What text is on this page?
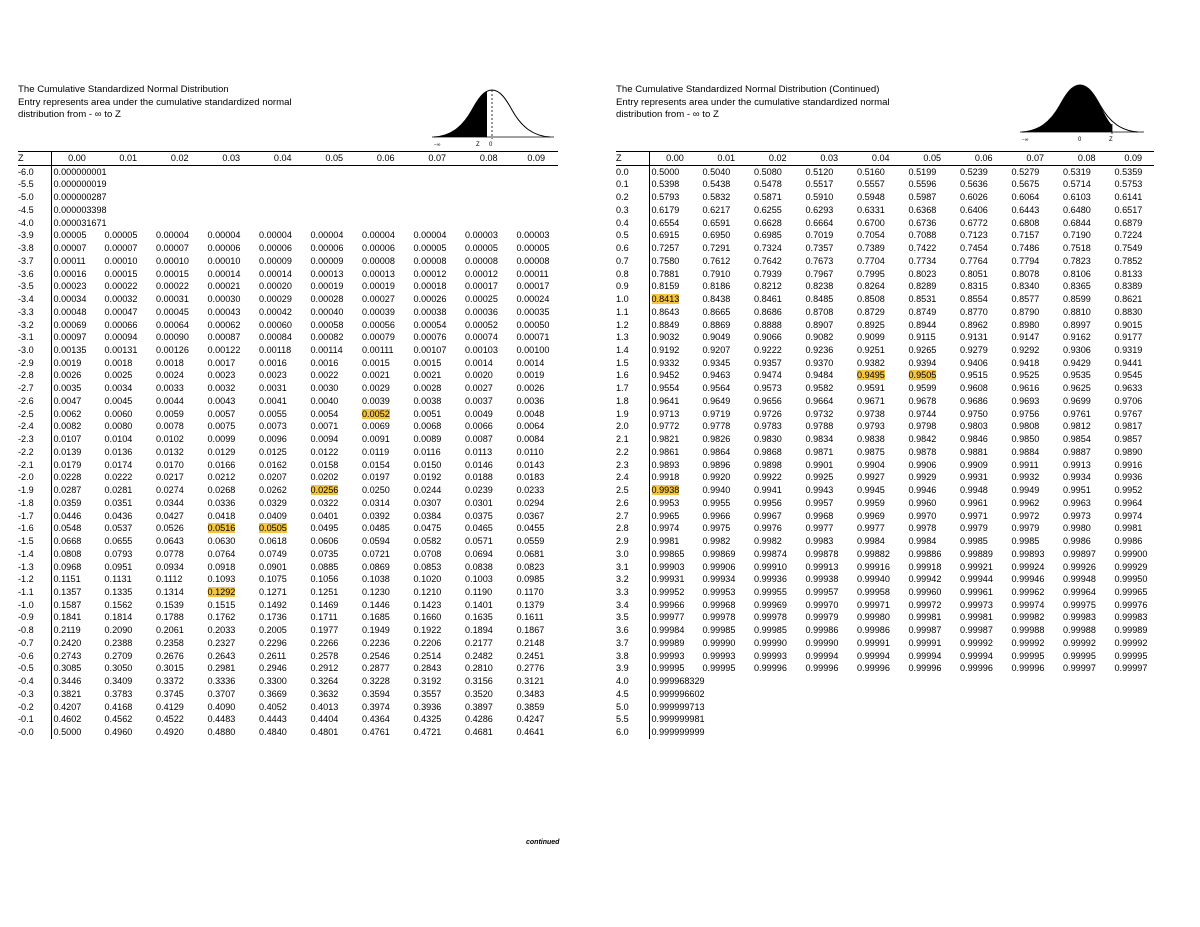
The Cumulative Standardized Normal Distribution
Entry represents area under the cumulative standardized normal
distribution from - ∞ to Z
−∞	Z 0
Z	0.00	0.01	0.02	0.03	0.04	0.05	0.06	0.07	0.08	0.09
-6.0	0.000000001									
-5.5	0.000000019									
-5.0	0.000000287									
-4.5	0.000003398									
-4.0	0.000031671									
-3.9	0.00005	0.00005	0.00004	0.00004	0.00004	0.00004	0.00004	0.00004	0.00003	0.00003
-3.8	0.00007	0.00007	0.00007	0.00006	0.00006	0.00006	0.00006	0.00005	0.00005	0.00005
-3.7	0.00011	0.00010	0.00010	0.00010	0.00009	0.00009	0.00008	0.00008	0.00008	0.00008
-3.6	0.00016	0.00015	0.00015	0.00014	0.00014	0.00013	0.00013	0.00012	0.00012	0.00011
-3.5	0.00023	0.00022	0.00022	0.00021	0.00020	0.00019	0.00019	0.00018	0.00017	0.00017
-3.4	0.00034	0.00032	0.00031	0.00030	0.00029	0.00028	0.00027	0.00026	0.00025	0.00024
-3.3	0.00048	0.00047	0.00045	0.00043	0.00042	0.00040	0.00039	0.00038	0.00036	0.00035
-3.2	0.00069	0.00066	0.00064	0.00062	0.00060	0.00058	0.00056	0.00054	0.00052	0.00050
-3.1	0.00097	0.00094	0.00090	0.00087	0.00084	0.00082	0.00079	0.00076	0.00074	0.00071
-3.0	0.00135	0.00131	0.00126	0.00122	0.00118	0.00114	0.00111	0.00107	0.00103	0.00100
-2.9	0.0019	0.0018	0.0018	0.0017	0.0016	0.0016	0.0015	0.0015	0.0014	0.0014
-2.8	0.0026	0.0025	0.0024	0.0023	0.0023	0.0022	0.0021	0.0021	0.0020	0.0019
-2.7	0.0035	0.0034	0.0033	0.0032	0.0031	0.0030	0.0029	0.0028	0.0027	0.0026
-2.6	0.0047	0.0045	0.0044	0.0043	0.0041	0.0040	0.0039	0.0038	0.0037	0.0036
-2.5	0.0062	0.0060	0.0059	0.0057	0.0055	0.0054	0.0052	0.0051	0.0049	0.0048
-2.4	0.0082	0.0080	0.0078	0.0075	0.0073	0.0071	0.0069	0.0068	0.0066	0.0064
-2.3	0.0107	0.0104	0.0102	0.0099	0.0096	0.0094	0.0091	0.0089	0.0087	0.0084
-2.2	0.0139	0.0136	0.0132	0.0129	0.0125	0.0122	0.0119	0.0116	0.0113	0.0110
-2.1	0.0179	0.0174	0.0170	0.0166	0.0162	0.0158	0.0154	0.0150	0.0146	0.0143
-2.0	0.0228	0.0222	0.0217	0.0212	0.0207	0.0202	0.0197	0.0192	0.0188	0.0183
-1.9	0.0287	0.0281	0.0274	0.0268	0.0262	0.0256	0.0250	0.0244	0.0239	0.0233
-1.8	0.0359	0.0351	0.0344	0.0336	0.0329	0.0322	0.0314	0.0307	0.0301	0.0294
-1.7	0.0446	0.0436	0.0427	0.0418	0.0409	0.0401	0.0392	0.0384	0.0375	0.0367
-1.6	0.0548	0.0537	0.0526	0.0516	0.0505	0.0495	0.0485	0.0475	0.0465	0.0455
-1.5	0.0668	0.0655	0.0643	0.0630	0.0618	0.0606	0.0594	0.0582	0.0571	0.0559
-1.4	0.0808	0.0793	0.0778	0.0764	0.0749	0.0735	0.0721	0.0708	0.0694	0.0681
-1.3	0.0968	0.0951	0.0934	0.0918	0.0901	0.0885	0.0869	0.0853	0.0838	0.0823
-1.2	0.1151	0.1131	0.1112	0.1093	0.1075	0.1056	0.1038	0.1020	0.1003	0.0985
-1.1	0.1357	0.1335	0.1314	0.1292	0.1271	0.1251	0.1230	0.1210	0.1190	0.1170
-1.0	0.1587	0.1562	0.1539	0.1515	0.1492	0.1469	0.1446	0.1423	0.1401	0.1379
-0.9	0.1841	0.1814	0.1788	0.1762	0.1736	0.1711	0.1685	0.1660	0.1635	0.1611
-0.8	0.2119	0.2090	0.2061	0.2033	0.2005	0.1977	0.1949	0.1922	0.1894	0.1867
-0.7	0.2420	0.2388	0.2358	0.2327	0.2296	0.2266	0.2236	0.2206	0.2177	0.2148
-0.6	0.2743	0.2709	0.2676	0.2643	0.2611	0.2578	0.2546	0.2514	0.2482	0.2451
-0.5	0.3085	0.3050	0.3015	0.2981	0.2946	0.2912	0.2877	0.2843	0.2810	0.2776
-0.4	0.3446	0.3409	0.3372	0.3336	0.3300	0.3264	0.3228	0.3192	0.3156	0.3121
-0.3	0.3821	0.3783	0.3745	0.3707	0.3669	0.3632	0.3594	0.3557	0.3520	0.3483
-0.2	0.4207	0.4168	0.4129	0.4090	0.4052	0.4013	0.3974	0.3936	0.3897	0.3859
-0.1	0.4602	0.4562	0.4522	0.4483	0.4443	0.4404	0.4364	0.4325	0.4286	0.4247
-0.0	0.5000	0.4960	0.4920	0.4880	0.4840	0.4801	0.4761	0.4721	0.4681	0.4641
continued
The Cumulative Standardized Normal Distribution (Continued)
Entry represents area under the cumulative standardized normal
distribution from - ∞ to Z
−∞	0	Z
Z	0.00	0.01	0.02	0.03	0.04	0.05	0.06	0.07	0.08	0.09
0.0	0.5000	0.5040	0.5080	0.5120	0.5160	0.5199	0.5239	0.5279	0.5319	0.5359
0.1	0.5398	0.5438	0.5478	0.5517	0.5557	0.5596	0.5636	0.5675	0.5714	0.5753
0.2	0.5793	0.5832	0.5871	0.5910	0.5948	0.5987	0.6026	0.6064	0.6103	0.6141
0.3	0.6179	0.6217	0.6255	0.6293	0.6331	0.6368	0.6406	0.6443	0.6480	0.6517
0.4	0.6554	0.6591	0.6628	0.6664	0.6700	0.6736	0.6772	0.6808	0.6844	0.6879
0.5	0.6915	0.6950	0.6985	0.7019	0.7054	0.7088	0.7123	0.7157	0.7190	0.7224
0.6	0.7257	0.7291	0.7324	0.7357	0.7389	0.7422	0.7454	0.7486	0.7518	0.7549
0.7	0.7580	0.7612	0.7642	0.7673	0.7704	0.7734	0.7764	0.7794	0.7823	0.7852
0.8	0.7881	0.7910	0.7939	0.7967	0.7995	0.8023	0.8051	0.8078	0.8106	0.8133
0.9	0.8159	0.8186	0.8212	0.8238	0.8264	0.8289	0.8315	0.8340	0.8365	0.8389
1.0	0.8413	0.8438	0.8461	0.8485	0.8508	0.8531	0.8554	0.8577	0.8599	0.8621
1.1	0.8643	0.8665	0.8686	0.8708	0.8729	0.8749	0.8770	0.8790	0.8810	0.8830
1.2	0.8849	0.8869	0.8888	0.8907	0.8925	0.8944	0.8962	0.8980	0.8997	0.9015
1.3	0.9032	0.9049	0.9066	0.9082	0.9099	0.9115	0.9131	0.9147	0.9162	0.9177
1.4	0.9192	0.9207	0.9222	0.9236	0.9251	0.9265	0.9279	0.9292	0.9306	0.9319
1.5	0.9332	0.9345	0.9357	0.9370	0.9382	0.9394	0.9406	0.9418	0.9429	0.9441
1.6	0.9452	0.9463	0.9474	0.9484	0.9495	0.9505	0.9515	0.9525	0.9535	0.9545
1.7	0.9554	0.9564	0.9573	0.9582	0.9591	0.9599	0.9608	0.9616	0.9625	0.9633
1.8	0.9641	0.9649	0.9656	0.9664	0.9671	0.9678	0.9686	0.9693	0.9699	0.9706
1.9	0.9713	0.9719	0.9726	0.9732	0.9738	0.9744	0.9750	0.9756	0.9761	0.9767
2.0	0.9772	0.9778	0.9783	0.9788	0.9793	0.9798	0.9803	0.9808	0.9812	0.9817
2.1	0.9821	0.9826	0.9830	0.9834	0.9838	0.9842	0.9846	0.9850	0.9854	0.9857
2.2	0.9861	0.9864	0.9868	0.9871	0.9875	0.9878	0.9881	0.9884	0.9887	0.9890
2.3	0.9893	0.9896	0.9898	0.9901	0.9904	0.9906	0.9909	0.9911	0.9913	0.9916
2.4	0.9918	0.9920	0.9922	0.9925	0.9927	0.9929	0.9931	0.9932	0.9934	0.9936
2.5	0.9938	0.9940	0.9941	0.9943	0.9945	0.9946	0.9948	0.9949	0.9951	0.9952
2.6	0.9953	0.9955	0.9956	0.9957	0.9959	0.9960	0.9961	0.9962	0.9963	0.9964
2.7	0.9965	0.9966	0.9967	0.9968	0.9969	0.9970	0.9971	0.9972	0.9973	0.9974
2.8	0.9974	0.9975	0.9976	0.9977	0.9977	0.9978	0.9979	0.9979	0.9980	0.9981
2.9	0.9981	0.9982	0.9982	0.9983	0.9984	0.9984	0.9985	0.9985	0.9986	0.9986
3.0	0.99865	0.99869	0.99874	0.99878	0.99882	0.99886	0.99889	0.99893	0.99897	0.99900
3.1	0.99903	0.99906	0.99910	0.99913	0.99916	0.99918	0.99921	0.99924	0.99926	0.99929
3.2	0.99931	0.99934	0.99936	0.99938	0.99940	0.99942	0.99944	0.99946	0.99948	0.99950
3.3	0.99952	0.99953	0.99955	0.99957	0.99958	0.99960	0.99961	0.99962	0.99964	0.99965
3.4	0.99966	0.99968	0.99969	0.99970	0.99971	0.99972	0.99973	0.99974	0.99975	0.99976
3.5	0.99977	0.99978	0.99978	0.99979	0.99980	0.99981	0.99981	0.99982	0.99983	0.99983
3.6	0.99984	0.99985	0.99985	0.99986	0.99986	0.99987	0.99987	0.99988	0.99988	0.99989
3.7	0.99989	0.99990	0.99990	0.99990	0.99991	0.99991	0.99992	0.99992	0.99992	0.99992
3.8	0.99993	0.99993	0.99993	0.99994	0.99994	0.99994	0.99994	0.99995	0.99995	0.99995
3.9	0.99995	0.99995	0.99996	0.99996	0.99996	0.99996	0.99996	0.99996	0.99997	0.99997
4.0	0.999968329									
4.5	0.999996602									
5.0	0.999999713									
5.5	0.999999981									
6.0	0.999999999									
